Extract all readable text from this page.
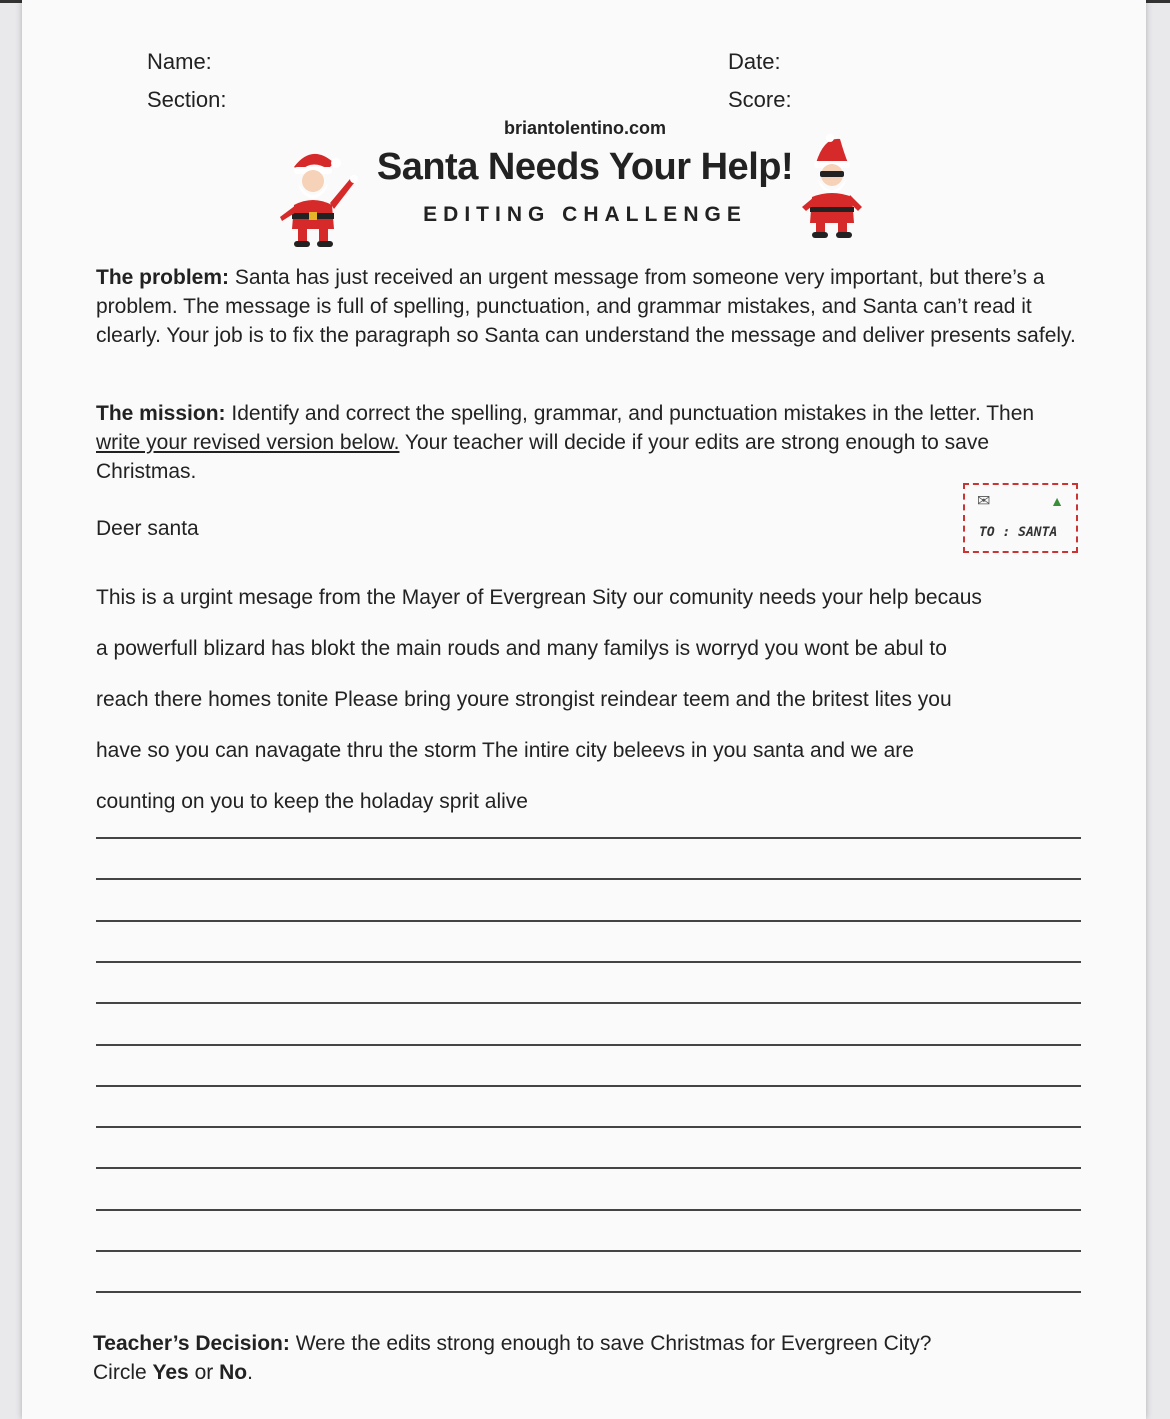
Name:	Date:
Section:	Score:
briantolentino.com
Santa Needs Your Help!
EDITING CHALLENGE
The problem: Santa has just received an urgent message from someone very important, but there’s a problem. The message is full of spelling, punctuation, and grammar mistakes, and Santa can’t read it clearly. Your job is to fix the paragraph so Santa can understand the message and deliver presents safely.
The mission: Identify and correct the spelling, grammar, and punctuation mistakes in the letter. Then write your revised version below. Your teacher will decide if your edits are strong enough to save Christmas.
✉	▲
TO : SANTA
Deer santa
This is a urgint mesage from the Mayer of Evergrean Sity our comunity needs your help becaus
a powerfull blizard has blokt the main rouds and many familys is worryd you wont be abul to
reach there homes tonite Please bring youre strongist reindear teem and the britest lites you
have so you can navagate thru the storm The intire city beleevs in you santa and we are
counting on you to keep the holaday sprit alive
Teacher’s Decision: Were the edits strong enough to save Christmas for Evergreen City?
Circle Yes or No.
